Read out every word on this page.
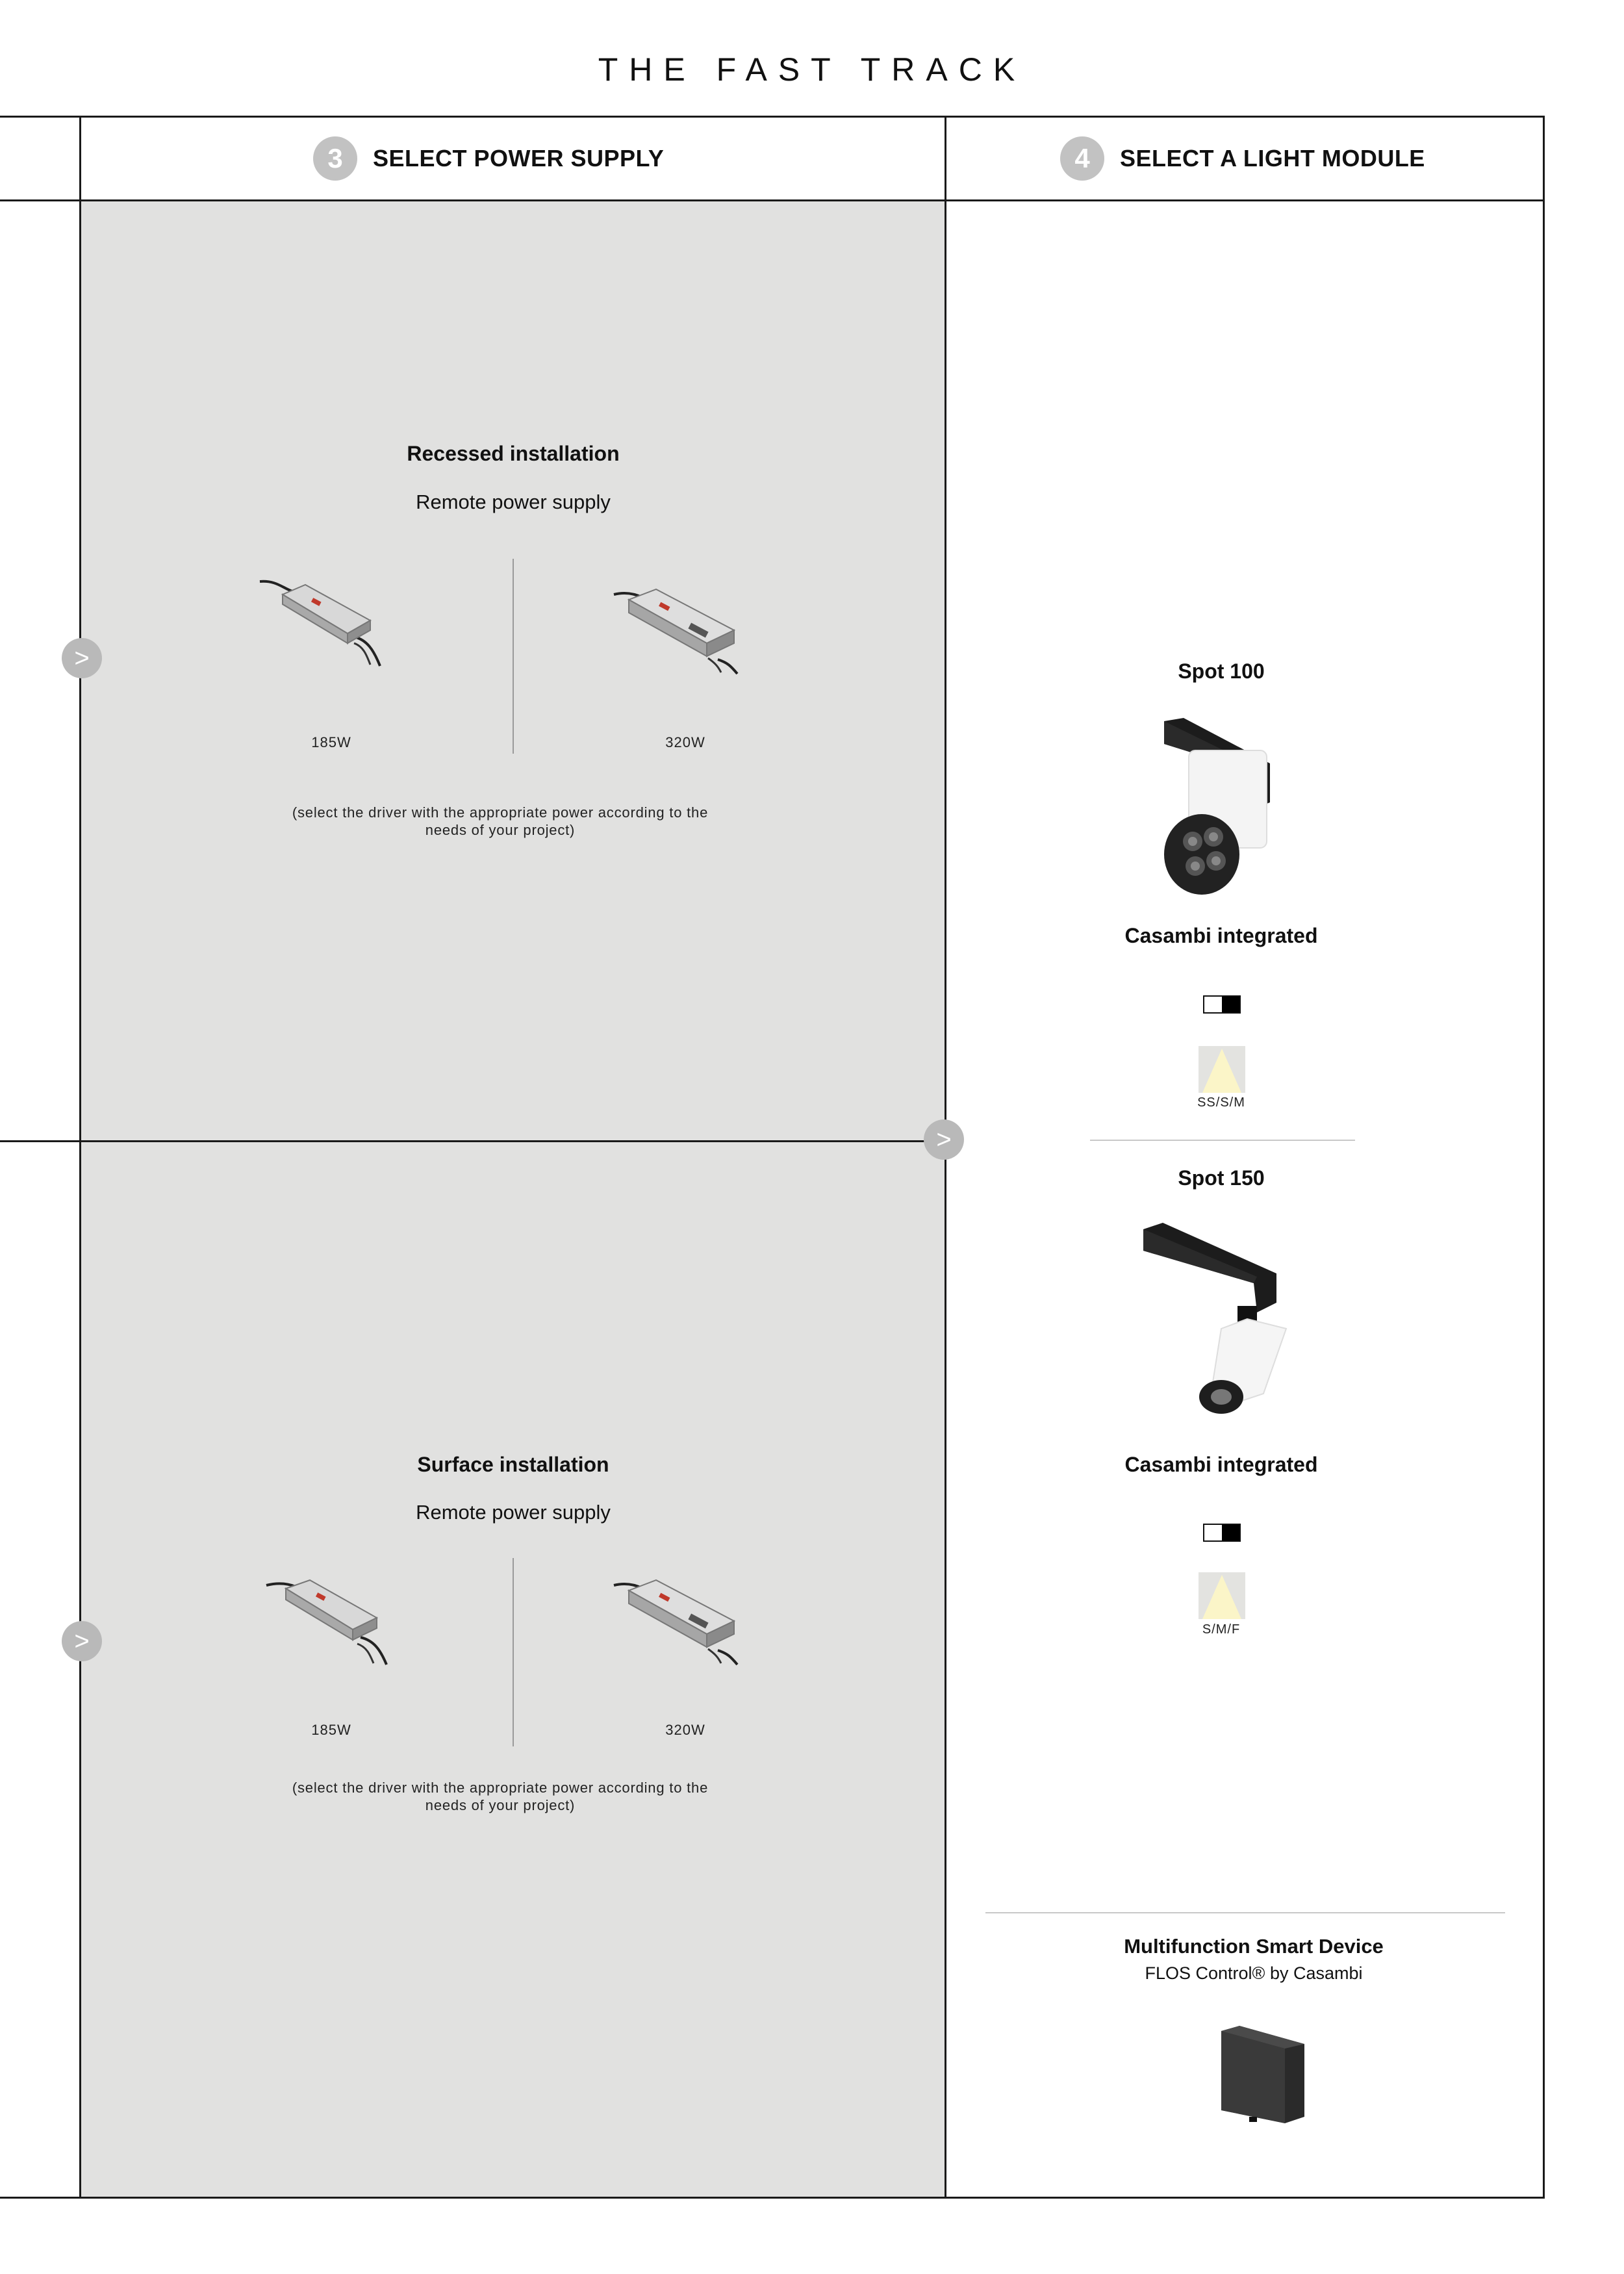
THE FAST TRACK
3	SELECT POWER SUPPLY	4	SELECT A LIGHT MODULE
>
>
>
Recessed installation
Remote power supply
185W	320W
(select the driver with the appropriate power according to the
needs of your project)
Surface installation
Remote power supply
185W	320W
(select the driver with the appropriate power according to the
needs of your project)
Spot 100
Casambi integrated
SS/S/M
Spot 150
Casambi integrated
S/M/F
Multifunction Smart Device
FLOS Control® by Casambi
